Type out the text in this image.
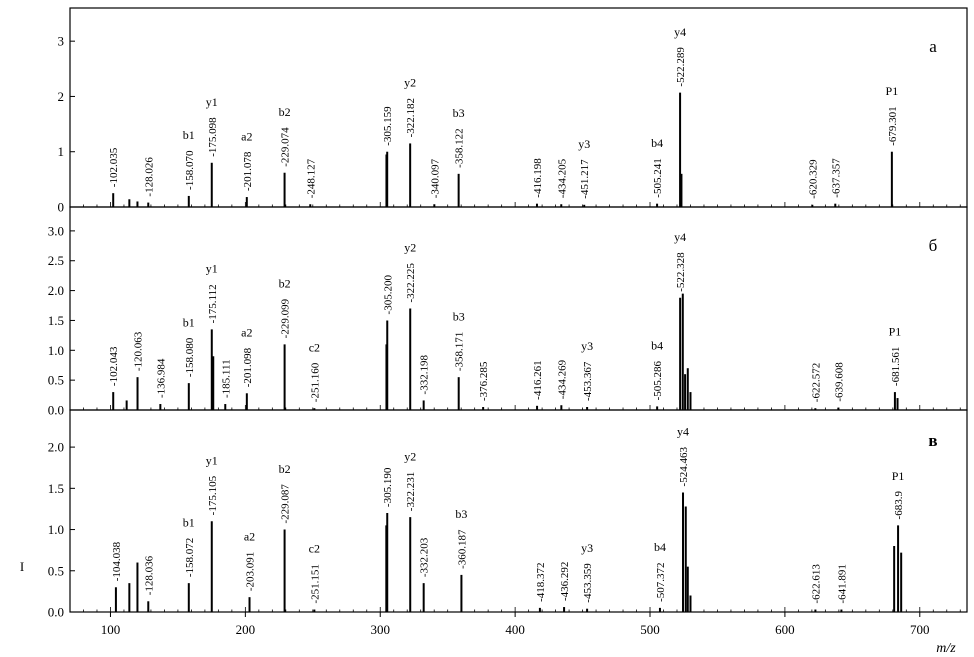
0
1
2
3	a
-102.035 -128.026	-158.070
b1 -175.098
y1
-201.078
a2 -229.074
b2
-248.127
-305.159 -322.182
y2
-340.097
-358.122
b3
-416.198 -434.205 -451.217
y3
-505.241
b4
-522.289
y4
-620.329 -637.357
-679.301
P1
0.0
0.5
1.0
1.5
2.0
2.5
3.0
б
-102.043 -120.063
-136.984
-158.080
b1 -175.112
y1
-185.111 -201.098
a2 -229.099
b2
-251.160
c2
-305.200 -322.225
y2
-332.198
-358.171
b3
-376.285	-416.261 -434.269 -453.367
y3
-505.286
b4
-522.328
y4
-622.572 -639.608	-681.561
P1
0.0
0.5
1.0
1.5
2.0
I
в
-104.038 -128.036	-158.072
b1
-175.105
y1
-203.091
a2
-229.087
b2
-251.151
c2
-305.190 -322.231
y2
-332.203 -360.187
b3
-418.372 -436.292 -453.359
y3
-507.372
b4
-524.463
y4
-622.613 -641.891
-683.9
P1
100	200	300	400	500	600	700
m/z
